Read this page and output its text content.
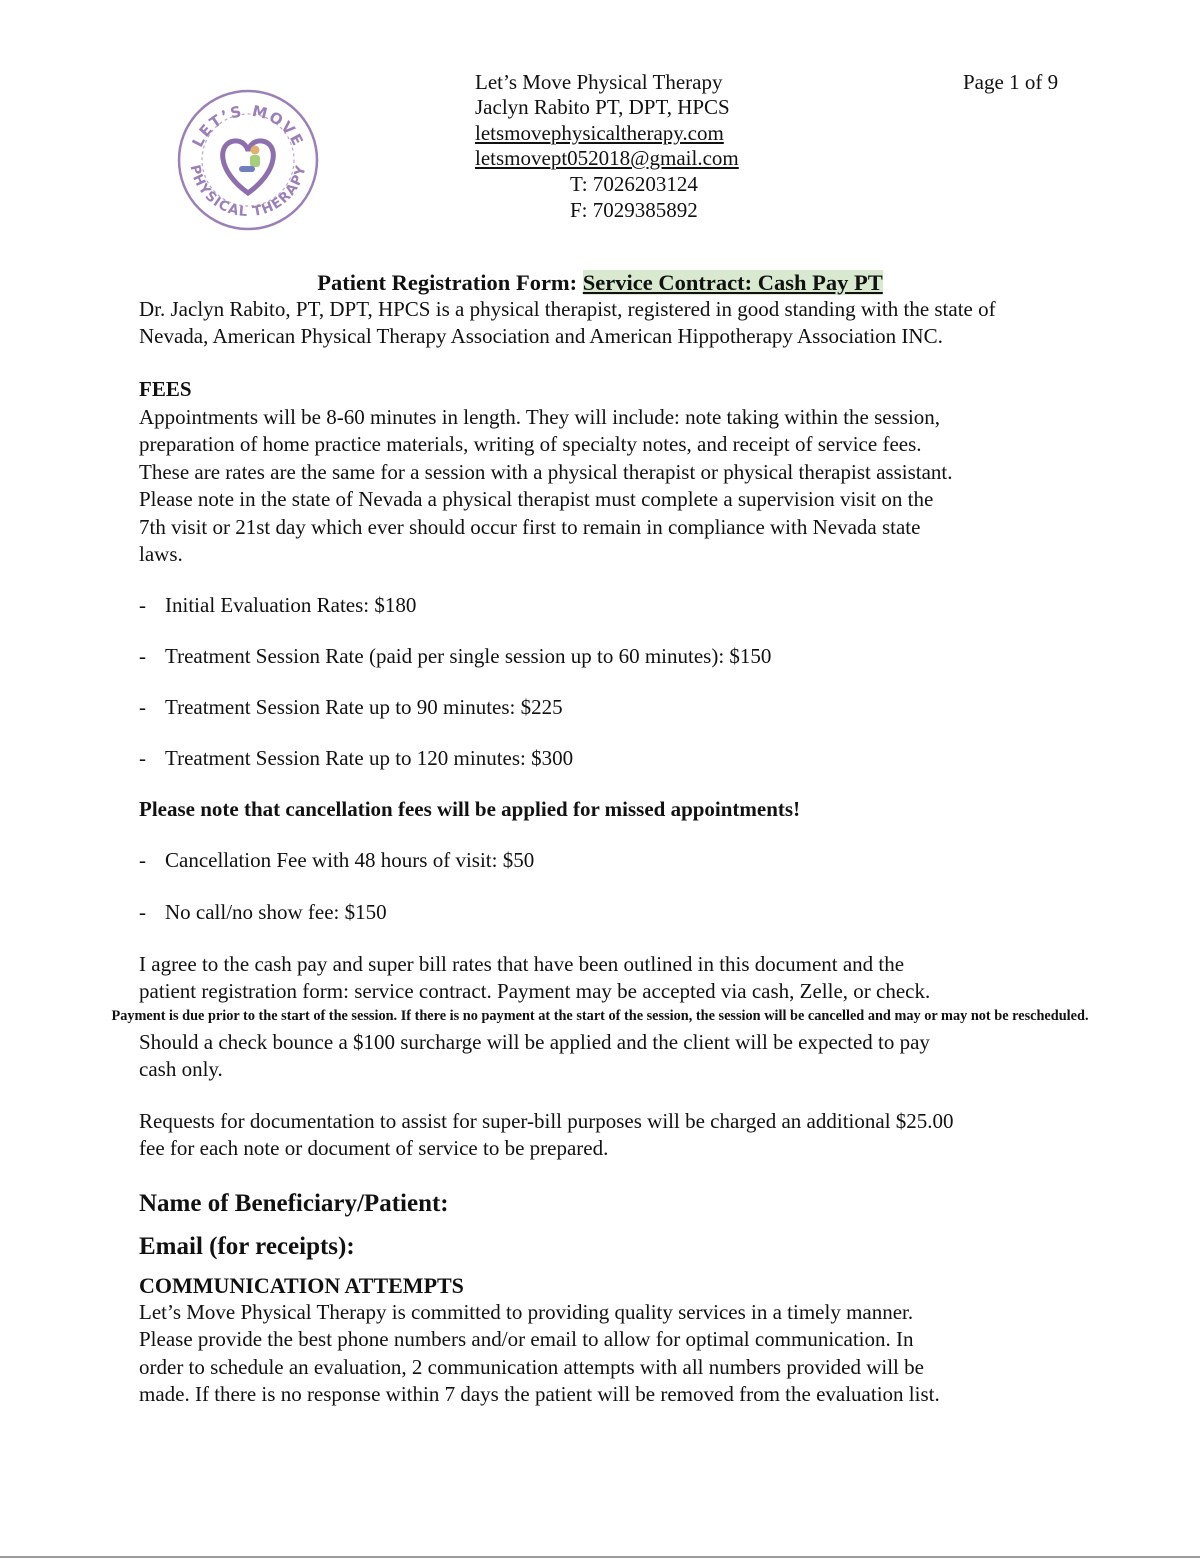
LET’S MOVE
PHYSICAL THERAPY
Let’s Move Physical Therapy
Jaclyn Rabito PT, DPT, HPCS
letsmovephysicaltherapy.com
letsmovept052018@gmail.com
T: 7026203124
F: 7029385892
Page 1 of 9
Patient Registration Form: Service Contract: Cash Pay PT

Dr. Jaclyn Rabito, PT, DPT, HPCS is a physical therapist, registered in good standing with the state of

Nevada, American Physical Therapy Association and American Hippotherapy Association INC.

FEES

Appointments will be 8-60 minutes in length. They will include: note taking within the session,

preparation of home practice materials, writing of specialty notes, and receipt of service fees.

These are rates are the same for a session with a physical therapist or physical therapist assistant.

Please note in the state of Nevada a physical therapist must complete a supervision visit on the

7th visit or 21st day which ever should occur first to remain in compliance with Nevada state

laws.

- Initial Evaluation Rates: $180
- Treatment Session Rate (paid per single session up to 60 minutes): $150
- Treatment Session Rate up to 90 minutes: $225
- Treatment Session Rate up to 120 minutes: $300
Please note that cancellation fees will be applied for missed appointments!
- Cancellation Fee with 48 hours of visit: $50
- No call/no show fee: $150

I agree to the cash pay and super bill rates that have been outlined in this document and the

patient registration form: service contract. Payment may be accepted via cash, Zelle, or check.

Payment is due prior to the start of the session. If there is no payment at the start of the session, the session will be cancelled and may or may not be rescheduled.

Should a check bounce a $100 surcharge will be applied and the client will be expected to pay

cash only.

Requests for documentation to assist for super-bill purposes will be charged an additional $25.00

fee for each note or document of service to be prepared.

Name of Beneficiary/Patient:
Email (for receipts):
COMMUNICATION ATTEMPTS

Let’s Move Physical Therapy is committed to providing quality services in a timely manner.

Please provide the best phone numbers and/or email to allow for optimal communication. In

order to schedule an evaluation, 2 communication attempts with all numbers provided will be

made. If there is no response within 7 days the patient will be removed from the evaluation list.
